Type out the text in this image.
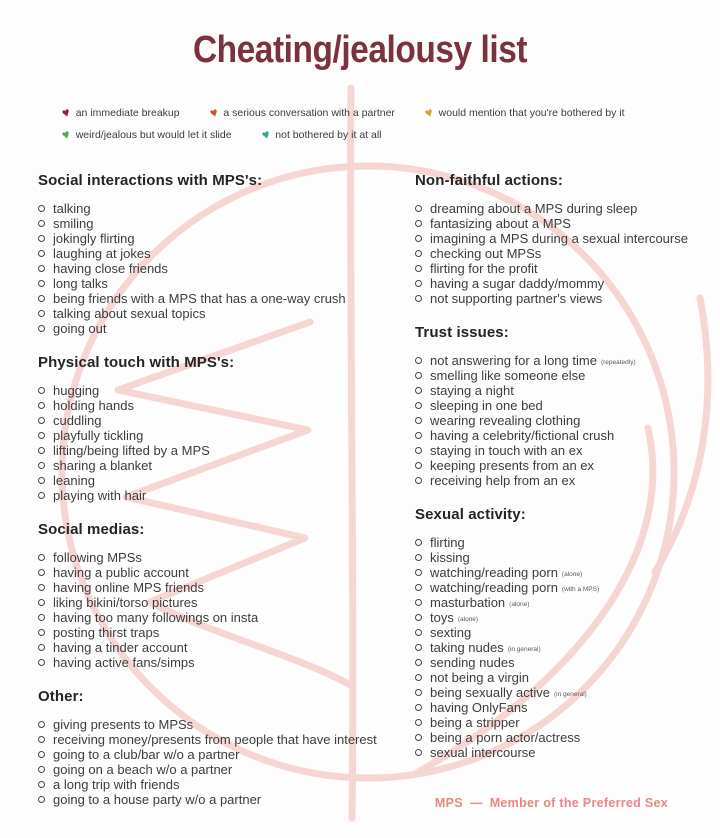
Cheating/jealousy list
♥ an immediate breakup ♥ a serious conversation with a partner ♥ would mention that you're bothered by it
♥ weird/jealous but would let it slide ♥ not bothered by it at all
Social interactions with MPS's:
talking
smiling
jokingly flirting
laughing at jokes
having close friends
long talks
being friends with a MPS that has a one-way crush
talking about sexual topics
going out
Physical touch with MPS's:
hugging
holding hands
cuddling
playfully tickling
lifting/being lifted by a MPS
sharing a blanket
leaning
playing with hair
Social medias:
following MPSs
having a public account
having online MPS friends
liking bikini/torso pictures
having too many followings on insta
posting thirst traps
having a tinder account
having active fans/simps
Other:
giving presents to MPSs
receiving money/presents from people that have interest
going to a club/bar w/o a partner
going on a beach w/o a partner
a long trip with friends
going to a house party w/o a partner
Non-faithful actions:
dreaming about a MPS during sleep
fantasizing about a MPS
imagining a MPS during a sexual intercourse
checking out MPSs
flirting for the profit
having a sugar daddy/mommy
not supporting partner's views
Trust issues:
not answering for a long time (repeatedly)
smelling like someone else
staying a night
sleeping in one bed
wearing revealing clothing
having a celebrity/fictional crush
staying in touch with an ex
keeping presents from an ex
receiving help from an ex
Sexual activity:
flirting
kissing
watching/reading porn (alone)
watching/reading porn (with a MPS)
masturbation (alone)
toys (alone)
sexting
taking nudes (in general)
sending nudes
not being a virgin
being sexually active (in general)
having OnlyFans
being a stripper
being a porn actor/actress
sexual intercourse
MPS — Member of the Preferred Sex
